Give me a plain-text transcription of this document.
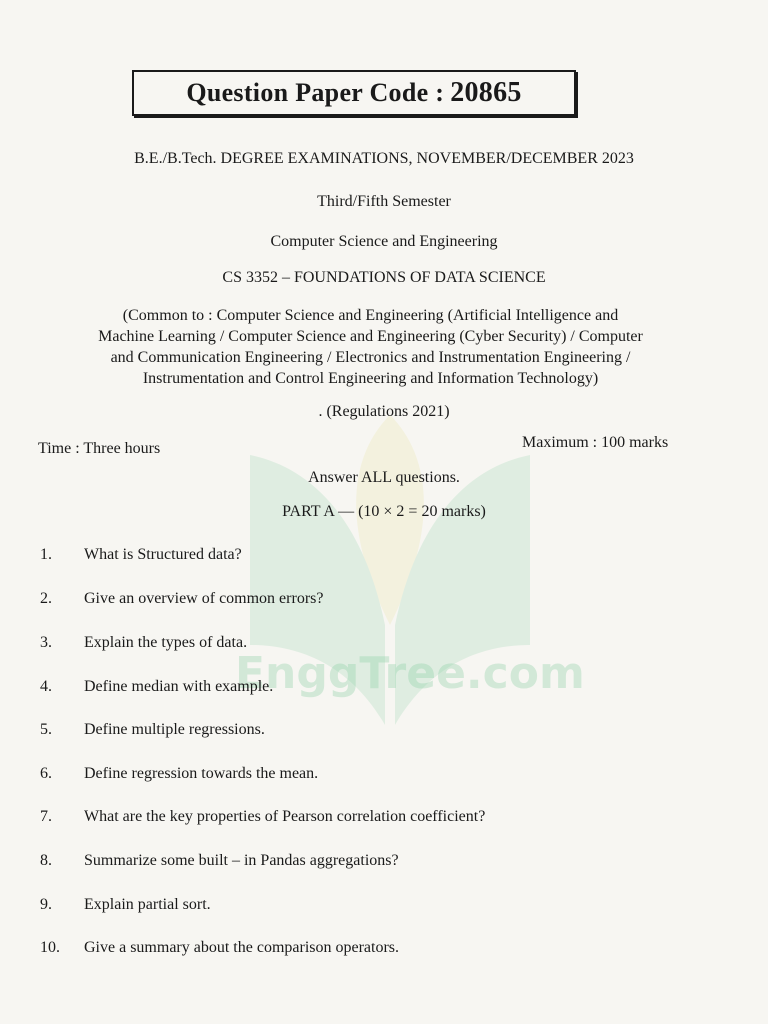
EnggTree.com
Question Paper Code : 20865
B.E./B.Tech. DEGREE EXAMINATIONS, NOVEMBER/DECEMBER 2023
Third/Fifth Semester
Computer Science and Engineering
CS 3352 – FOUNDATIONS OF DATA SCIENCE
(Common to : Computer Science and Engineering (Artificial Intelligence and
Machine Learning / Computer Science and Engineering (Cyber Security) / Computer
and Communication Engineering / Electronics and Instrumentation Engineering /
Instrumentation and Control Engineering and Information Technology)
. (Regulations 2021)
Time : Three hours	Maximum : 100 marks
Answer ALL questions.
PART A — (10 × 2 = 20 marks)
1.	What is Structured data?
2.	Give an overview of common errors?
3.	Explain the types of data.
4.	Define median with example.
5.	Define multiple regressions.
6.	Define regression towards the mean.
7.	What are the key properties of Pearson correlation coefficient?
8.	Summarize some built – in Pandas aggregations?
9.	Explain partial sort.
10.	Give a summary about the comparison operators.
